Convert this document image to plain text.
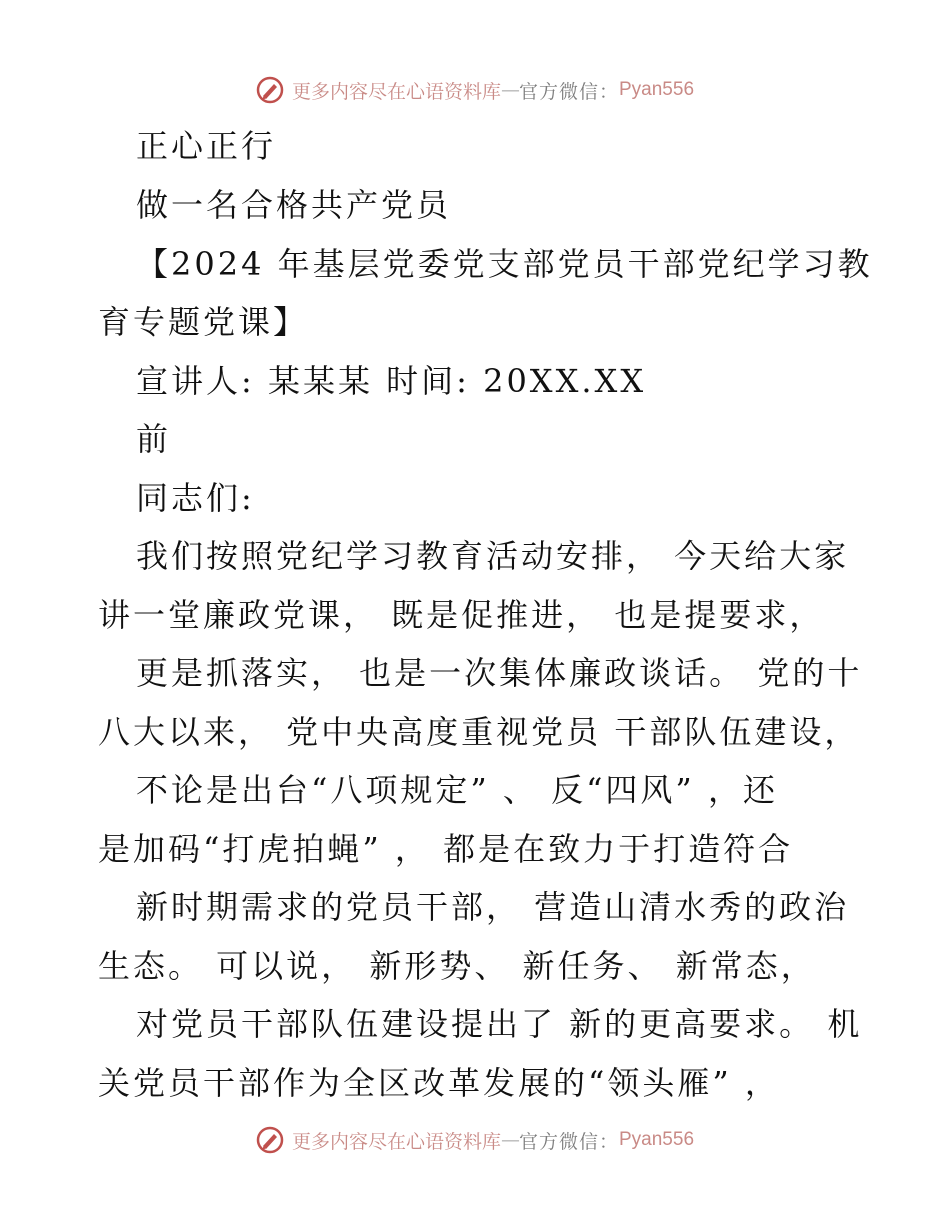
更多内容尽在心语资料库 — 官方微信： Pyan556
正心正行
做一名合格共产党员
【2024 年基层党委党支部党员干部党纪学习教
育专题党课】
宣讲人: 某某某 时间: 20XX.XX
前
同志们:
我们按照党纪学习教育活动安排， 今天给大家
讲一堂廉政党课， 既是促推进， 也是提要求，
更是抓落实， 也是一次集体廉政谈话。 党的十
八大以来， 党中央高度重视党员 干部队伍建设，
不论是出台“八项规定” 、 反“四风” ，还
是加码“打虎拍蝇” ， 都是在致力于打造符合
新时期需求的党员干部， 营造山清水秀的政治
生态。 可以说， 新形势、 新任务、 新常态，
对党员干部队伍建设提出了 新的更高要求。 机
关党员干部作为全区改革发展的“领头雁” ，
更多内容尽在心语资料库 — 官方微信： Pyan556
